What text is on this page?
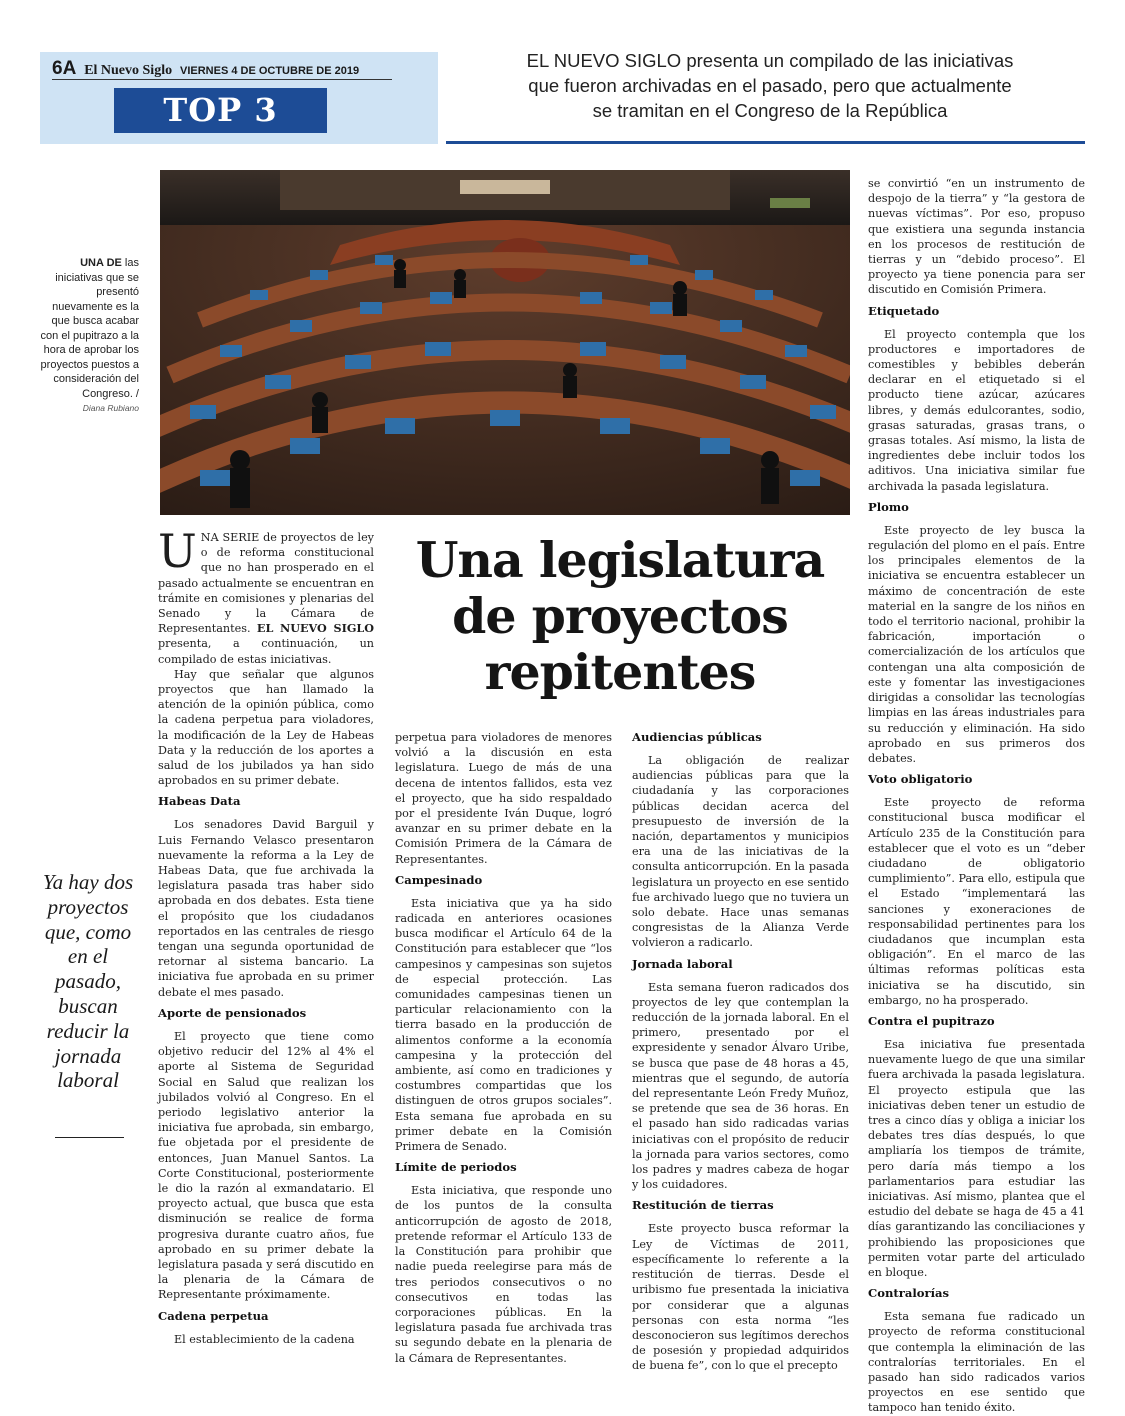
6A El Nuevo Siglo VIERNES 4 DE OCTUBRE DE 2019
TOP 3
EL NUEVO SIGLO presenta un compilado de las iniciativas
que fueron archivadas en el pasado, pero que actualmente
se tramitan en el Congreso de la República
UNA DE las iniciativas que se presentó nuevamente es la que busca acabar con el pupitrazo a la hora de aprobar los proyectos puestos a consideración del Congreso. /
Diana Rubiano
Una legislatura de proyectos repitentes
Ya hay dos proyectos que, como en el pasado, buscan reducir la jornada laboral

UNA SERIE de proyectos de ley o de reforma constitucional que no han prosperado en el pasado actualmente se encuentran en trámite en comisiones y plenarias del Senado y la Cámara de Representantes. EL NUEVO SIGLO presenta, a continuación, un compilado de estas iniciativas.

Hay que señalar que algunos proyectos que han llamado la atención de la opinión pública, como la cadena perpetua para violadores, la modificación de la Ley de Habeas Data y la reducción de los aportes a salud de los jubilados ya han sido aprobados en su primer debate.

Habeas Data

Los senadores David Barguil y Luis Fernando Velasco presentaron nuevamente la reforma a la Ley de Habeas Data, que fue archivada la legislatura pasada tras haber sido aprobada en dos debates. Esta tiene el propósito que los ciudadanos reportados en las centrales de riesgo tengan una segunda oportunidad de retornar al sistema bancario. La iniciativa fue aprobada en su primer debate el mes pasado.

Aporte de pensionados

El proyecto que tiene como objetivo reducir del 12% al 4% el aporte al Sistema de Seguridad Social en Salud que realizan los jubilados volvió al Congreso. En el periodo legislativo anterior la iniciativa fue aprobada, sin embargo, fue objetada por el presidente de entonces, Juan Manuel Santos. La Corte Constitucional, posteriormente le dio la razón al exmandatario. El proyecto actual, que busca que esta disminución se realice de forma progresiva durante cuatro años, fue aprobado en su primer debate la legislatura pasada y será discutido en la plenaria de la Cámara de Representante próximamente.

Cadena perpetua

El establecimiento de la cadena

perpetua para violadores de menores volvió a la discusión en esta legislatura. Luego de más de una decena de intentos fallidos, esta vez el proyecto, que ha sido respaldado por el presidente Iván Duque, logró avanzar en su primer debate en la Comisión Primera de la Cámara de Representantes.

Campesinado

Esta iniciativa que ya ha sido radicada en anteriores ocasiones busca modificar el Artículo 64 de la Constitución para establecer que “los campesinos y campesinas son sujetos de especial protección. Las comunidades campesinas tienen un particular relacionamiento con la tierra basado en la producción de alimentos conforme a la economía campesina y la protección del ambiente, así como en tradiciones y costumbres compartidas que los distinguen de otros grupos sociales”. Esta semana fue aprobada en su primer debate en la Comisión Primera de Senado.

Límite de periodos

Esta iniciativa, que responde uno de los puntos de la consulta anticorrupción de agosto de 2018, pretende reformar el Artículo 133 de la Constitución para prohibir que nadie pueda reelegirse para más de tres periodos consecutivos o no consecutivos en todas las corporaciones públicas. En la legislatura pasada fue archivada tras su segundo debate en la plenaria de la Cámara de Representantes.

Audiencias públicas

La obligación de realizar audiencias públicas para que la ciudadanía y las corporaciones públicas decidan acerca del presupuesto de inversión de la nación, departamentos y municipios era una de las iniciativas de la consulta anticorrupción. En la pasada legislatura un proyecto en ese sentido fue archivado luego que no tuviera un solo debate. Hace unas semanas congresistas de la Alianza Verde volvieron a radicarlo.

Jornada laboral

Esta semana fueron radicados dos proyectos de ley que contemplan la reducción de la jornada laboral. En el primero, presentado por el expresidente y senador Álvaro Uribe, se busca que pase de 48 horas a 45, mientras que el segundo, de autoría del representante León Fredy Muñoz, se pretende que sea de 36 horas. En el pasado han sido radicadas varias iniciativas con el propósito de reducir la jornada para varios sectores, como los padres y madres cabeza de hogar y los cuidadores.

Restitución de tierras

Este proyecto busca reformar la Ley de Víctimas de 2011, específicamente lo referente a la restitución de tierras. Desde el uribismo fue presentada la iniciativa por considerar que a algunas personas con esta norma “les desconocieron sus legítimos derechos de posesión y propiedad adquiridos de buena fe”, con lo que el precepto

se convirtió “en un instrumento de despojo de la tierra” y “la gestora de nuevas víctimas”. Por eso, propuso que existiera una segunda instancia en los procesos de restitución de tierras y un “debido proceso”. El proyecto ya tiene ponencia para ser discutido en Comisión Primera.

Etiquetado

El proyecto contempla que los productores e importadores de comestibles y bebibles deberán declarar en el etiquetado si el producto tiene azúcar, azúcares libres, y demás edulcorantes, sodio, grasas saturadas, grasas trans, o grasas totales. Así mismo, la lista de ingredientes debe incluir todos los aditivos. Una iniciativa similar fue archivada la pasada legislatura.

Plomo

Este proyecto de ley busca la regulación del plomo en el país. Entre los principales elementos de la iniciativa se encuentra establecer un máximo de concentración de este material en la sangre de los niños en todo el territorio nacional, prohibir la fabricación, importación o comercialización de los artículos que contengan una alta composición de este y fomentar las investigaciones dirigidas a consolidar las tecnologías limpias en las áreas industriales para su reducción y eliminación. Ha sido aprobado en sus primeros dos debates.

Voto obligatorio

Este proyecto de reforma constitucional busca modificar el Artículo 235 de la Constitución para establecer que el voto es un “deber ciudadano de obligatorio cumplimiento”. Para ello, estipula que el Estado “implementará las sanciones y exoneraciones de responsabilidad pertinentes para los ciudadanos que incumplan esta obligación”. En el marco de las últimas reformas políticas esta iniciativa se ha discutido, sin embargo, no ha prosperado.

Contra el pupitrazo

Esa iniciativa fue presentada nuevamente luego de que una similar fuera archivada la pasada legislatura. El proyecto estipula que las iniciativas deben tener un estudio de tres a cinco días y obliga a iniciar los debates tres días después, lo que ampliaría los tiempos de trámite, pero daría más tiempo a los parlamentarios para estudiar las iniciativas. Así mismo, plantea que el estudio del debate se haga de 45 a 41 días garantizando las conciliaciones y prohibiendo las proposiciones que permiten votar parte del articulado en bloque.

Contralorías

Esta semana fue radicado un proyecto de reforma constitucional que contempla la eliminación de las contralorías territoriales. En el pasado han sido radicados varios proyectos en ese sentido que tampoco han tenido éxito.
